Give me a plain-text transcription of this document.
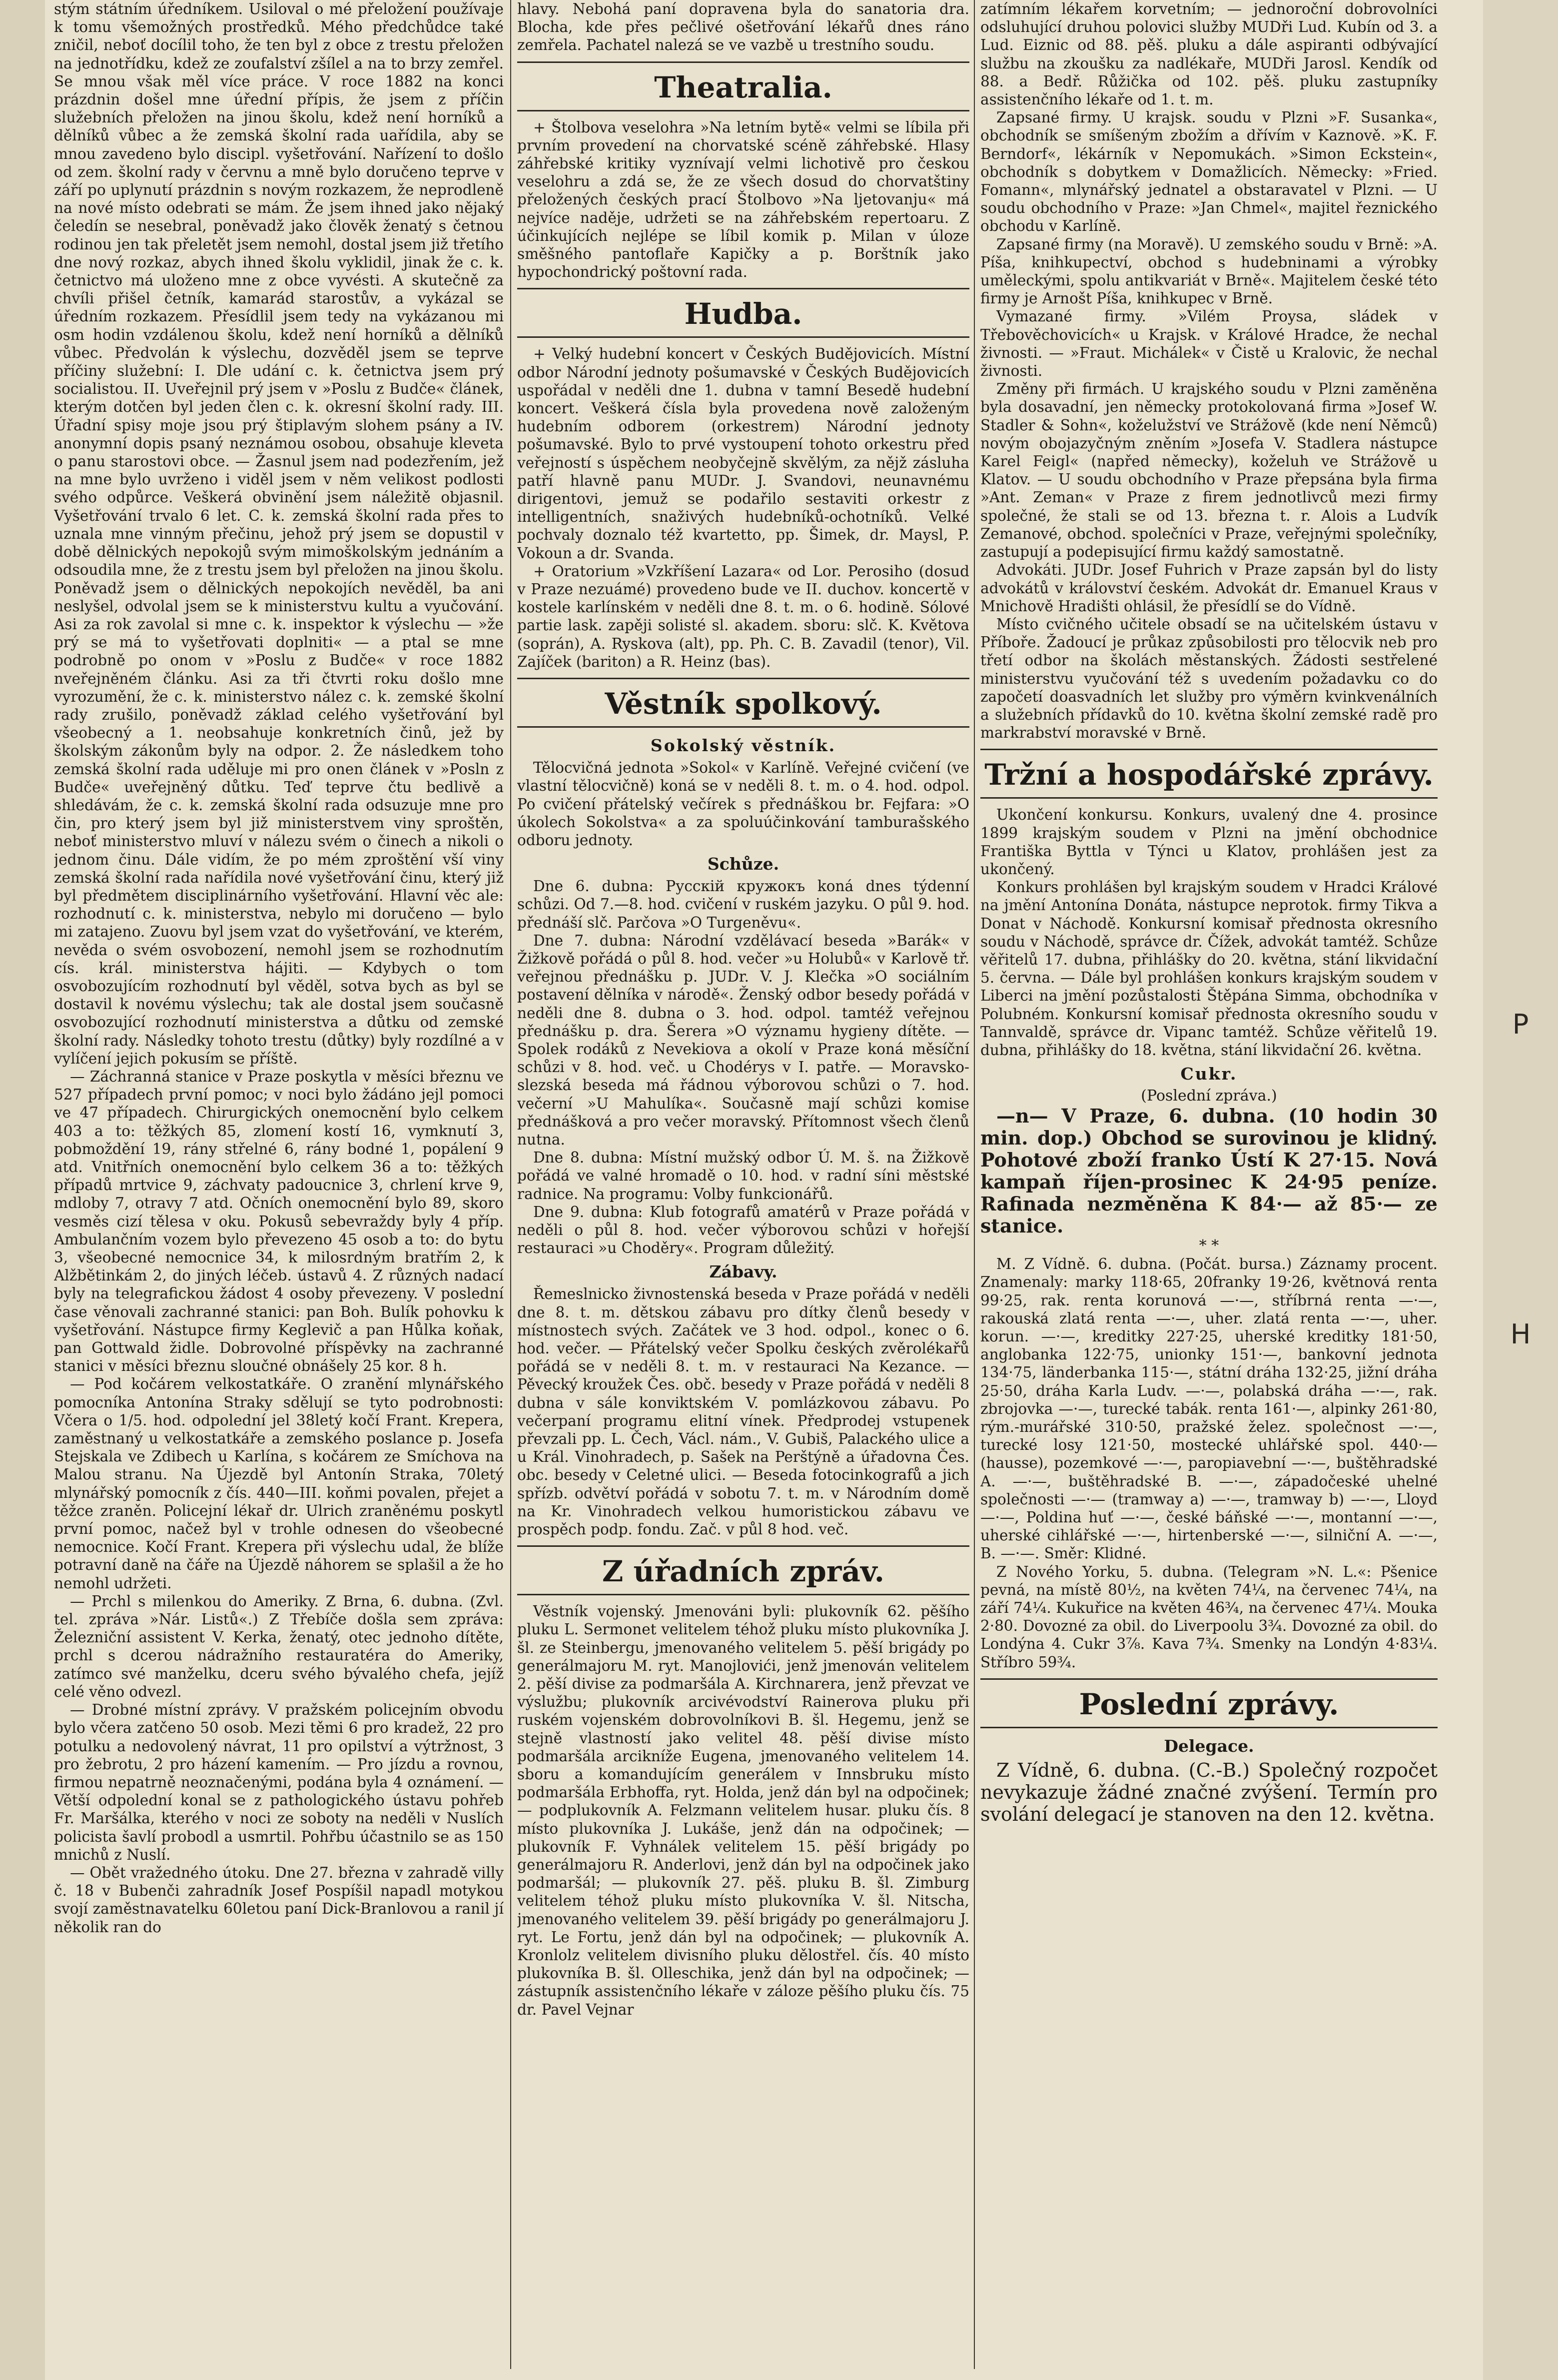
P
H

stým státním úředníkem. Usiloval o mé přeložení používaje k tomu všemožných prostředků. Mého předchůdce také zničil, neboť docílil toho, že ten byl z obce z trestu přeložen na jednotřídku, kdež ze zoufalství zšílel a na to brzy zemřel. Se mnou však měl více práce. V roce 1882 na konci prázdnin došel mne úřední přípis, že jsem z příčin služebních přeložen na jinou školu, kdež není horníků a dělníků vůbec a že zemská školní rada uařídila, aby se mnou zavedeno bylo discipl. vyšetřování. Nařízení to došlo od zem. školní rady v červnu a mně bylo doručeno teprve v září po uplynutí prázdnin s novým rozkazem, že neprodleně na nové místo odebrati se mám. Že jsem ihned jako nějaký čeledín se nesebral, poněvadž jako člověk ženatý s četnou rodinou jen tak přeletět jsem nemohl, dostal jsem již třetího dne nový rozkaz, abych ihned školu vyklidil, jinak že c. k. četnictvo má uloženo mne z obce vyvésti. A skutečně za chvíli přišel četník, kamarád starostův, a vykázal se úředním rozkazem. Přesídlil jsem tedy na vykázanou mi osm hodin vzdálenou školu, kdež není horníků a dělníků vůbec. Předvolán k výslechu, dozvěděl jsem se teprve příčiny služební: I. Dle udání c. k. četnictva jsem prý socialistou. II. Uveřejnil prý jsem v »Poslu z Budče« článek, kterým dotčen byl jeden člen c. k. okresní školní rady. III. Úřadní spisy moje jsou prý štiplavým slohem psány a IV. anonymní dopis psaný neznámou osobou, obsahuje kleveta o panu starostovi obce. — Žasnul jsem nad podezřením, jež na mne bylo uvrženo i viděl jsem v něm velikost podlosti svého odpůrce. Veškerá obvinění jsem náležitě objasnil. Vyšetřování trvalo 6 let. C. k. zemská školní rada přes to uznala mne vinným přečinu, jehož prý jsem se dopustil v době dělnických nepokojů svým mimoškolským jednáním a odsoudila mne, že z trestu jsem byl přeložen na jinou školu. Poněvadž jsem o dělnických nepokojích nevěděl, ba ani neslyšel, odvolal jsem se k ministerstvu kultu a vyučování. Asi za rok zavolal si mne c. k. inspektor k výslechu — »že prý se má to vyšetřovati doplniti« — a ptal se mne podrobně po onom v »Poslu z Budče« v roce 1882 nveřejněném článku. Asi za tři čtvrti roku došlo mne vyrozumění, že c. k. ministerstvo nález c. k. zemské školní rady zrušilo, poněvadž základ celého vyšetřování byl všeobecný a 1. neobsahuje konkretních činů, jež by školským zákonům byly na odpor. 2. Že následkem toho zemská školní rada uděluje mi pro onen článek v »Posln z Budče« uveřejněný důtku. Teď teprve čtu bedlivě a shledávám, že c. k. zemská školní rada odsuzuje mne pro čin, pro který jsem byl již ministerstvem viny sproštěn, neboť ministerstvo mluví v nálezu svém o činech a nikoli o jednom činu. Dále vidím, že po mém zproštění vší viny zemská školní rada nařídila nové vyšetřování činu, který již byl předmětem disciplinárního vyšetřování. Hlavní věc ale: rozhodnutí c. k. ministerstva, nebylo mi doručeno — bylo mi zatajeno. Zuovu byl jsem vzat do vyšetřování, ve kterém, nevěda o svém osvobození, nemohl jsem se rozhodnutím cís. král. ministerstva hájiti. — Kdybych o tom osvobozujícím rozhodnutí byl věděl, sotva bych as byl se dostavil k novému výslechu; tak ale dostal jsem současně osvobozující rozhodnutí ministerstva a důtku od zemské školní rady. Následky tohoto trestu (důtky) byly rozdílné a v vylíčení jejich pokusím se příště.

— Záchranná stanice v Praze poskytla v měsíci březnu ve 527 případech první pomoc; v noci bylo žádáno jejl pomoci ve 47 případech. Chirurgických onemocnění bylo celkem 403 a to: těžkých 85, zlomení kostí 16, vymknutí 3, pobmoždění 19, rány střelné 6, rány bodné 1, popálení 9 atd. Vnitřních onemocnění bylo celkem 36 a to: těžkých případů mrtvice 9, záchvaty padoucnice 3, chrlení krve 9, mdloby 7, otravy 7 atd. Očních onemocnění bylo 89, skoro vesměs cizí tělesa v oku. Pokusů sebevraždy byly 4 příp. Ambulančním vozem bylo převezeno 45 osob a to: do bytu 3, všeobecné nemocnice 34, k milosrdným bratřím 2, k Alžbětinkám 2, do jiných léčeb. ústavů 4. Z různých nadací byly na telegrafickou žádost 4 osoby převezeny. V poslední čase věnovali zachranné stanici: pan Boh. Bulík pohovku k vyšetřování. Nástupce firmy Keglevič a pan Hůlka koňak, pan Gottwald židle. Dobrovolné příspěvky na zachranné stanici v měsíci březnu sloučné obnášely 25 kor. 8 h.

— Pod kočárem velkostatkáře. O zranění mlynářského pomocníka Antonína Straky sdělují se tyto podrobnosti: Včera o 1/5. hod. odpolední jel 38letý kočí Frant. Krepera, zaměstnaný u velkostatkáře a zemského poslance p. Josefa Stejskala ve Zdibech u Karlína, s kočárem ze Smíchova na Malou stranu. Na Újezdě byl Antonín Straka, 70letý mlynářský pomocník z čís. 440—III. koňmi povalen, přejet a těžce zraněn. Policejní lékař dr. Ulrich zraněnému poskytl první pomoc, načež byl v trohle odnesen do všeobecné nemocnice. Kočí Frant. Krepera při výslechu udal, že blíže potravní daně na čáře na Újezdě náhorem se splašil a že ho nemohl udržeti.

— Prchl s milenkou do Ameriky. Z Brna, 6. dubna. (Zvl. tel. zpráva »Nár. Listů«.) Z Třebíče došla sem zpráva: Železniční assistent V. Kerka, ženatý, otec jednoho dítěte, prchl s dcerou nádražního restauratéra do Ameriky, zatímco své manželku, dceru svého bývalého chefa, jejíž celé věno odvezl.

— Drobné místní zprávy. V pražském policejním obvodu bylo včera zatčeno 50 osob. Mezi těmi 6 pro kradež, 22 pro potulku a nedovolený návrat, 11 pro opilství a výtržnost, 3 pro žebrotu, 2 pro házení kamením. — Pro jízdu a rovnou, firmou nepatrně neoznačenými, podána byla 4 oznámení. — Větší odpolední konal se z pathologického ústavu pohřeb Fr. Maršálka, kterého v noci ze soboty na neděli v Nuslích policista šavlí probodl a usmrtil. Pohřbu účastnilo se as 150 mnichů z Nuslí.

— Obět vražedného útoku. Dne 27. března v zahradě villy č. 18 v Bubenči zahradník Josef Pospíšil napadl motykou svojí zaměstnavatelku 60letou paní Dick-Branlovou a ranil jí několik ran do

hlavy. Nebohá paní dopravena byla do sanatoria dra. Blocha, kde přes pečlivé ošetřování lékařů dnes ráno zemřela. Pachatel nalezá se ve vazbě u trestního soudu.

Theatralia.

+ Štolbova veselohra »Na letním bytě« velmi se líbila při prvním provedení na chorvatské scéně záhřebské. Hlasy záhřebské kritiky vyznívají velmi lichotivě pro českou veselohru a zdá se, že ze všech dosud do chorvatštiny přeložených českých prací Štolbovo »Na ljetovanju« má nejvíce naděje, udržeti se na záhřebském repertoaru. Z účinkujících nejlépe se líbil komik p. Milan v úloze směšného pantoflaře Kapičky a p. Borštník jako hypochondrický poštovní rada.

Hudba.

+ Velký hudební koncert v Českých Budějovicích. Místní odbor Národní jednoty pošumavské v Českých Budějovicích uspořádal v neděli dne 1. dubna v tamní Besedě hudební koncert. Veškerá čísla byla provedena nově založeným hudebním odborem (orkestrem) Národní jednoty pošumavské. Bylo to prvé vystoupení tohoto orkestru před veřejností s úspěchem neobyčejně skvělým, za nějž zásluha patří hlavně panu MUDr. J. Svandovi, neunavnému dirigentovi, jemuž se podařilo sestaviti orkestr z intelligentních, snaživých hudebníků-ochotníků. Velké pochvaly doznalo též kvartetto, pp. Šimek, dr. Maysl, P. Vokoun a dr. Svanda.

+ Oratorium »Vzkříšení Lazara« od Lor. Perosiho (dosud v Praze nezuámé) provedeno bude ve II. duchov. koncertě v kostele karlínském v neděli dne 8. t. m. o 6. hodině. Sólové partie lask. zapěji solisté sl. akadem. sboru: slč. K. Květova (soprán), A. Ryskova (alt), pp. Ph. C. B. Zavadil (tenor), Vil. Zajíček (bariton) a R. Heinz (bas).

Věstník spolkový.
Sokolský věstník.

Tělocvičná jednota »Sokol« v Karlíně. Veřejné cvičení (ve vlastní tělocvičně) koná se v neděli 8. t. m. o 4. hod. odpol. Po cvičení přátelský večírek s přednáškou br. Fejfara: »O úkolech Sokolstva« a za spoluúčinkování tamburašského odboru jednoty.

Schůze.

Dne 6. dubna: Русскій кружокъ koná dnes týdenní schůzi. Od 7.—8. hod. cvičení v ruském jazyku. O půl 9. hod. přednáší slč. Parčova »O Turgeněvu«.

Dne 7. dubna: Národní vzdělávací beseda »Barák« v Žižkově pořádá o půl 8. hod. večer »u Holubů« v Karlově tř. veřejnou přednášku p. JUDr. V. J. Klečka »O sociálním postavení dělníka v národě«. Ženský odbor besedy pořádá v neděli dne 8. dubna o 3. hod. odpol. tamtéž veřejnou přednášku p. dra. Šerera »O významu hygieny dítěte. — Spolek rodáků z Nevekiova a okolí v Praze koná měsíční schůzi v 8. hod. več. u Chodérys v I. patře. — Moravsko-slezská beseda má řádnou výborovou schůzi o 7. hod. večerní »U Mahulíka«. Současně mají schůzi komise přednášková a pro večer moravský. Přítomnost všech členů nutna.

Dne 8. dubna: Místní mužský odbor Ú. M. š. na Žižkově pořádá ve valné hromadě o 10. hod. v radní síni městské radnice. Na programu: Volby funkcionářů.

Dne 9. dubna: Klub fotografů amatérů v Praze pořádá v neděli o půl 8. hod. večer výborovou schůzi v hořejší restauraci »u Choděry«. Program důležitý.

Zábavy.

Řemeslnicko živnostenská beseda v Praze pořádá v neděli dne 8. t. m. dětskou zábavu pro dítky členů besedy v místnostech svých. Začátek ve 3 hod. odpol., konec o 6. hod. večer. — Přátelský večer Spolku českých zvěrolékařů pořádá se v neděli 8. t. m. v restauraci Na Kezance. — Pěvecký kroužek Čes. obč. besedy v Praze pořádá v neděli 8 dubna v sále konviktském V. pomlázkovou zábavu. Po večerpaní programu elitní vínek. Předprodej vstupenek převzali pp. L. Čech, Václ. nám., V. Gubiš, Palackého ulice a u Král. Vinohradech, p. Sašek na Perštýně a úřadovna Čes. obc. besedy v Celetné ulici. — Beseda fotocinkografů a jich spřízb. odvětví pořádá v sobotu 7. t. m. v Národním domě na Kr. Vinohradech velkou humoristickou zábavu ve prospěch podp. fondu. Zač. v půl 8 hod. več.

Z úřadních zpráv.

Věstník vojenský. Jmenováni byli: plukovník 62. pěšího pluku L. Sermonet velitelem téhož pluku místo plukovníka J. šl. ze Steinbergu, jmenovaného velitelem 5. pěší brigády po generálmajoru M. ryt. Manojlovići, jenž jmenován velitelem 2. pěší divise za podmaršála A. Kirchnarera, jenž převzat ve výslužbu; plukovník arcivévodství Rainerova pluku při ruském vojenském dobrovolníkovi B. šl. Hegemu, jenž se stejně vlastností jako velitel 48. pěší divise místo podmaršála arcikníže Eugena, jmenovaného velitelem 14. sboru a komandujícím generálem v Innsbruku místo podmaršála Erbhoffa, ryt. Holda, jenž dán byl na odpočinek; — podplukovník A. Felzmann velitelem husar. pluku čís. 8 místo plukovníka J. Lukáše, jenž dán na odpočinek; — plukovník F. Vyhnálek velitelem 15. pěší brigády po generálmajoru R. Anderlovi, jenž dán byl na odpočinek jako podmaršál; — plukovník 27. pěš. pluku B. šl. Zimburg velitelem téhož pluku místo plukovníka V. šl. Nitscha, jmenovaného velitelem 39. pěší brigády po generálmajoru J. ryt. Le Fortu, jenž dán byl na odpočinek; — plukovník A. Kronlolz velitelem divisního pluku dělostřel. čís. 40 místo plukovníka B. šl. Olleschika, jenž dán byl na odpočinek; — zástupník assistenčního lékaře v záloze pěšího pluku čís. 75 dr. Pavel Vejnar

zatímním lékařem korvetním; — jednoroční dobrovolníci odsluhující druhou polovici služby MUDři Lud. Kubín od 3. a Lud. Eiznic od 88. pěš. pluku a dále aspiranti odbývající službu na zkoušku za nadlékaře, MUDři Jarosl. Kendík od 88. a Bedř. Růžička od 102. pěš. pluku zastupníky assistenčního lékaře od 1. t. m.

Zapsané firmy. U krajsk. soudu v Plzni »F. Susanka«, obchodník se smíšeným zbožím a dřívím v Kaznově. »K. F. Berndorf«, lékárník v Nepomukách. »Simon Eckstein«, obchodník s dobytkem v Domažlicích. Německy: »Fried. Fomann«, mlynářský jednatel a obstaravatel v Plzni. — U soudu obchodního v Praze: »Jan Chmel«, majitel řeznického obchodu v Karlíně.

Zapsané firmy (na Moravě). U zemského soudu v Brně: »A. Píša, knihkupectví, obchod s hudebninami a výrobky uměleckými, spolu antikvariát v Brně«. Majitelem české této firmy je Arnošt Píša, knihkupec v Brně.

Vymazané firmy. »Vilém Proysa, sládek v Třebověchovicích« u Krajsk. v Králové Hradce, že nechal živnosti. — »Fraut. Michálek« v Čistě u Kralovic, že nechal živnosti.

Změny při firmách. U krajského soudu v Plzni zaměněna byla dosavadní, jen německy protokolovaná firma »Josef W. Stadler & Sohn«, koželužství ve Strážově (kde není Němců) novým obojazyčným zněním »Josefa V. Stadlera nástupce Karel Feigl« (napřed německy), koželuh ve Strážově u Klatov. — U soudu obchodního v Praze přepsána byla firma »Ant. Zeman« v Praze z firem jednotlivců mezi firmy společné, že stali se od 13. března t. r. Alois a Ludvík Zemanové, obchod. společníci v Praze, veřejnými společníky, zastupují a podepisující firmu každý samostatně.

Advokáti. JUDr. Josef Fuhrich v Praze zapsán byl do listy advokátů v království českém. Advokát dr. Emanuel Kraus v Mnichově Hradišti ohlásil, že přesídlí se do Vídně.

Místo cvičného učitele obsadí se na učitelském ústavu v Příboře. Žadoucí je průkaz způsobilosti pro tělocvik neb pro třetí odbor na školách městanských. Žádosti sestřelené ministerstvu vyučování též s uvedením požadavku co do započetí doasvadních let služby pro výměrn kvinkvenálních a služebních přídavků do 10. května školní zemské radě pro markrabství moravské v Brně.

Tržní a hospodářské zprávy.

Ukončení konkursu. Konkurs, uvalený dne 4. prosince 1899 krajským soudem v Plzni na jmění obchodnice Františka Byttla v Týnci u Klatov, prohlášen jest za ukončený.

Konkurs prohlášen byl krajským soudem v Hradci Králové na jmění Antonína Donáta, nástupce neprotok. firmy Tikva a Donat v Náchodě. Konkursní komisař přednosta okresního soudu v Náchodě, správce dr. Čížek, advokát tamtéž. Schůze věřitelů 17. dubna, přihlášky do 20. května, stání likvidační 5. června. — Dále byl prohlášen konkurs krajským soudem v Liberci na jmění pozůstalosti Štěpána Simma, obchodníka v Polubném. Konkursní komisař přednosta okresního soudu v Tannvaldě, správce dr. Vipanc tamtéž. Schůze věřitelů 19. dubna, přihlášky do 18. května, stání likvidační 26. května.

Cukr.
(Poslední zpráva.)

—n— V Praze, 6. dubna. (10 hodin 30 min. dop.) Obchod se surovinou je klidný. Pohotové zboží franko Ústí K 27·15. Nová kampaň říjen-prosinec K 24·95 peníze. Rafinada nezměněna K 84·— až 85·— ze stanice.

* *

M. Z Vídně. 6. dubna. (Počát. bursa.) Záznamy procent. Znamenaly: marky 118·65, 20franky 19·26, květnová renta 99·25, rak. renta korunová —·—, stříbrná renta —·—, rakouská zlatá renta —·—, uher. zlatá renta —·—, uher. korun. —·—, kreditky 227·25, uherské kreditky 181·50, anglobanka 122·75, unionky 151·—, bankovní jednota 134·75, länderbanka 115·—, státní dráha 132·25, jižní dráha 25·50, dráha Karla Ludv. —·—, polabská dráha —·—, rak. zbrojovka —·—, turecké tabák. renta 161·—, alpinky 261·80, rým.-murářské 310·50, pražské želez. společnost —·—, turecké losy 121·50, mostecké uhlářské spol. 440·— (hausse), pozemkové —·—, paropiavební —·—, buštěhradské A. —·—, buštěhradské B. —·—, západočeské uhelné společnosti —·— (tramway a) —·—, tramway b) —·—, Lloyd —·—, Poldina huť —·—, české báňské —·—, montanní —·—, uherské cihlářské —·—, hirtenberské —·—, silniční A. —·—, B. —·—. Směr: Klidné.

Z Nového Yorku, 5. dubna. (Telegram »N. L.«: Pšenice pevná, na místě 80½, na květen 74¼, na červenec 74¼, na září 74¼. Kukuřice na květen 46¾, na červenec 47¼. Mouka 2·80. Dovozné za obil. do Liverpoolu 3¾. Dovozné za obil. do Londýna 4. Cukr 3⅞. Kava 7¾. Smenky na Londýn 4·83¼. Stříbro 59¾.

Poslední zprávy.
Delegace.

Z Vídně, 6. dubna. (C.-B.) Společný rozpočet nevykazuje žádné značné zvýšení. Termín pro svolání delegací je stanoven na den 12. května.
